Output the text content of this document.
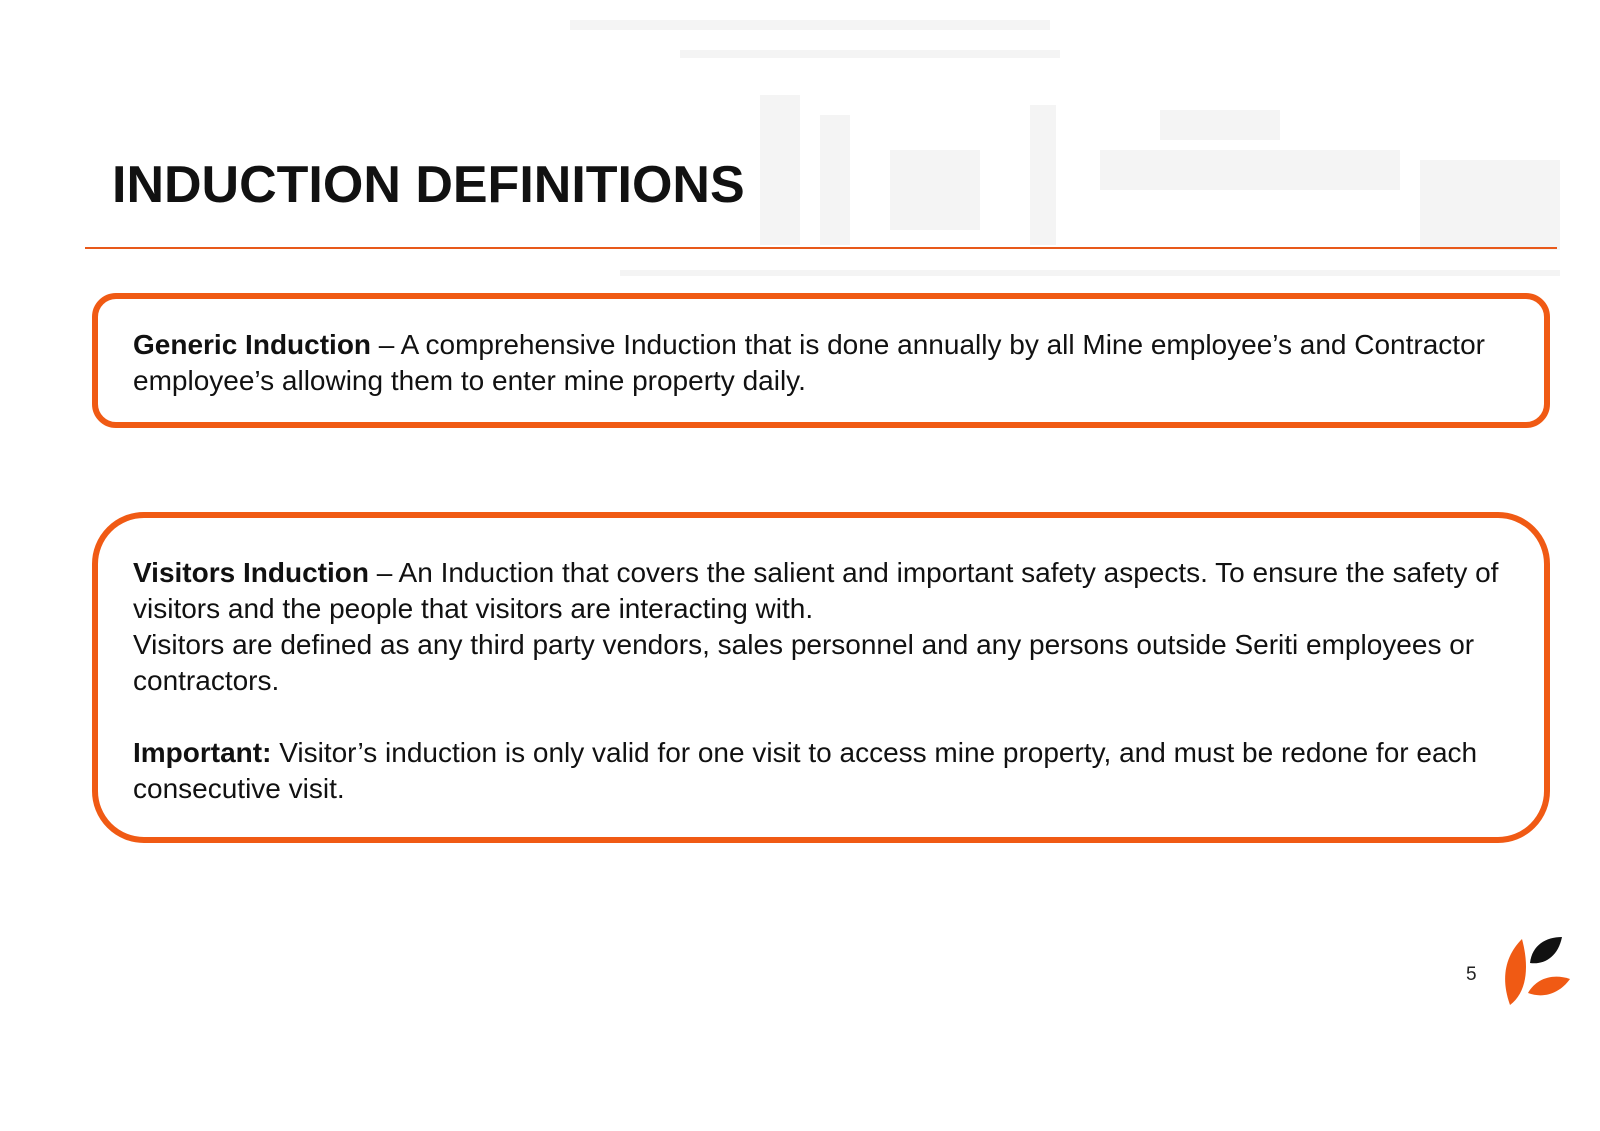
INDUCTION DEFINITIONS

Generic Induction – A comprehensive Induction that is done annually by all Mine employee’s and Contractor employee’s allowing them to enter mine property daily.

Visitors Induction – An Induction that covers the salient and important safety aspects. To ensure the safety of visitors and the people that visitors are interacting with.

Visitors are defined as any third party vendors, sales personnel and any persons outside Seriti employees or contractors.

Important: Visitor’s induction is only valid for one visit to access mine property, and must be redone for each consecutive visit.

5
